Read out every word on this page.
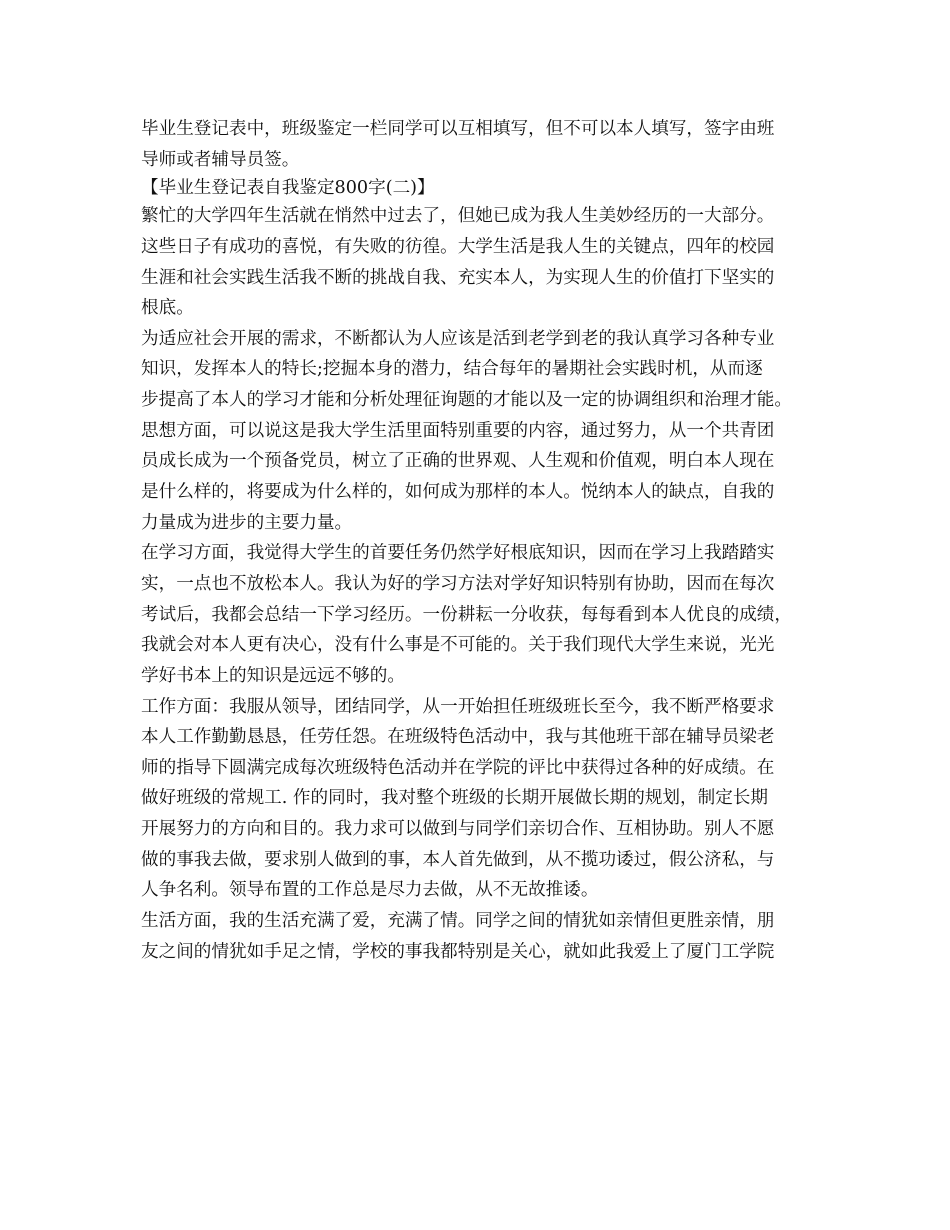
毕业生登记表中，班级鉴定一栏同学可以互相填写，但不可以本人填写，签字由班
导师或者辅导员签。
【毕业生登记表自我鉴定800字(二)】
繁忙的大学四年生活就在悄然中过去了，但她已成为我人生美妙经历的一大部分。
这些日子有成功的喜悦，有失败的彷徨。大学生活是我人生的关键点，四年的校园
生涯和社会实践生活我不断的挑战自我、充实本人，为实现人生的价值打下坚实的
根底。
为适应社会开展的需求，不断都认为人应该是活到老学到老的我认真学习各种专业
知识，发挥本人的特长;挖掘本身的潜力，结合每年的暑期社会实践时机，从而逐
步提高了本人的学习才能和分析处理征询题的才能以及一定的协调组织和治理才能。
思想方面，可以说这是我大学生活里面特别重要的内容，通过努力，从一个共青团
员成长成为一个预备党员，树立了正确的世界观、人生观和价值观，明白本人现在
是什么样的，将要成为什么样的，如何成为那样的本人。悦纳本人的缺点，自我的
力量成为进步的主要力量。
在学习方面，我觉得大学生的首要任务仍然学好根底知识，因而在学习上我踏踏实
实，一点也不放松本人。我认为好的学习方法对学好知识特别有协助，因而在每次
考试后，我都会总结一下学习经历。一份耕耘一分收获，每每看到本人优良的成绩，
我就会对本人更有决心，没有什么事是不可能的。关于我们现代大学生来说，光光
学好书本上的知识是远远不够的。
工作方面：我服从领导，团结同学，从一开始担任班级班长至今，我不断严格要求
本人工作勤勤恳恳，任劳任怨。在班级特色活动中，我与其他班干部在辅导员梁老
师的指导下圆满完成每次班级特色活动并在学院的评比中获得过各种的好成绩。在
做好班级的常规工. 作的同时，我对整个班级的长期开展做长期的规划，制定长期
开展努力的方向和目的。我力求可以做到与同学们亲切合作、互相协助。别人不愿
做的事我去做，要求别人做到的事，本人首先做到，从不揽功诿过，假公济私，与
人争名利。领导布置的工作总是尽力去做，从不无故推诿。
生活方面，我的生活充满了爱，充满了情。同学之间的情犹如亲情但更胜亲情，朋
友之间的情犹如手足之情，学校的事我都特别是关心，就如此我爱上了厦门工学院
